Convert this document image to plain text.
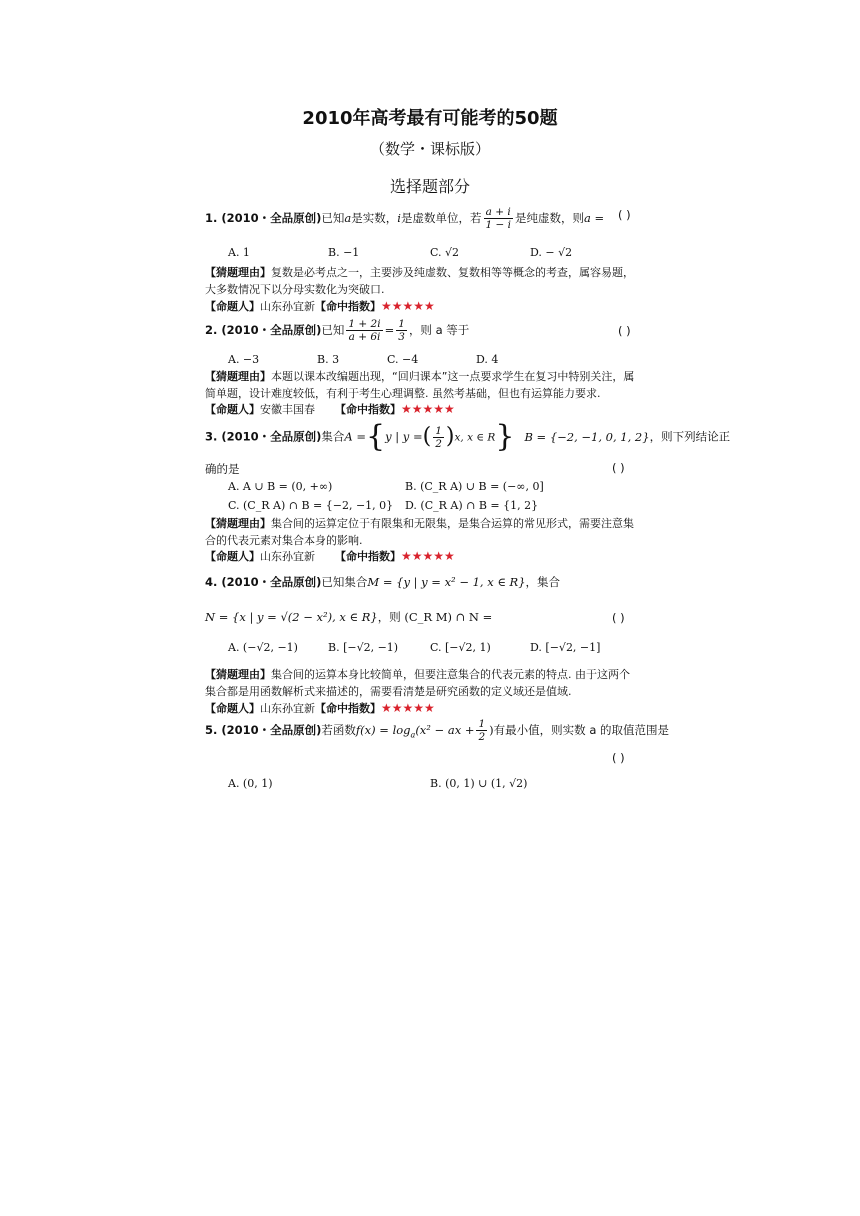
2010年高考最有可能考的50题
（数学・课标版）
选择题部分
1. (2010・全品原创)已知a是实数，i是虚数单位，若 $\frac{a + i}{1 - i}$ 是纯虚数，则a = ( )
A. 1	B. −1	C. √2	D. − √2
【猜题理由】复数是必考点之一，主要涉及纯虚数、复数相等等概念的考查，属容易题，大多数情况下以分母实数化为突破口.
【命题人】山东孙宜新【命中指数】★★★★★
2. (2010・全品原创)已知 $\frac{1 + 2i}{a + 6i} = \frac{1}{3}$ ，则 a 等于	( )
A. −3	B. 3	C. −4	D. 4
【猜题理由】本题以课本改编题出现，“回归课本”这一点要求学生在复习中特别关注，属简单题，设计难度较低，有利于考生心理调整. 虽然考基础，但也有运算能力要求.
【命题人】安徽丰国春 【命中指数】★★★★★
3. (2010・全品原创)集合A ={y | y =( $\frac{1}{2} )x$, x ∈ R} B = {−2, −1, 0, 1, 2}，则下列结论正
确的是	( )
A. A ∪ B = (0, +∞)	B. (C_R A) ∪ B = (−∞, 0]
C. (C_R A) ∩ B = {−2, −1, 0} D. (C_R A) ∩ B = {1, 2}
【猜题理由】集合间的运算定位于有限集和无限集，是集合运算的常见形式，需要注意集合的代表元素对集合本身的影响.
【命题人】山东孙宜新 【命中指数】★★★★★
4. (2010・全品原创)已知集合M = {y | y = x² − 1, x ∈ R}，集合
N = {x | y = √(2 − x²), x ∈ R}，则 (C_R M) ∩ N =	( )
A. (−√2, −1)	B. [−√2, −1)	C. [−√2, 1)	D. [−√2, −1]
【猜题理由】集合间的运算本身比较简单，但要注意集合的代表元素的特点. 由于这两个集合都是用函数解析式来描述的，需要看清楚是研究函数的定义域还是值域.
【命题人】山东孙宜新【命中指数】★★★★★
5. (2010・全品原创)若函数$f(x) = \log_a(x^2$ − ax + $\frac{1}{2}$ )有最小值，则实数 a 的取值范围是
( )
A. (0, 1)	B. (0, 1) ∪ (1, √2)
